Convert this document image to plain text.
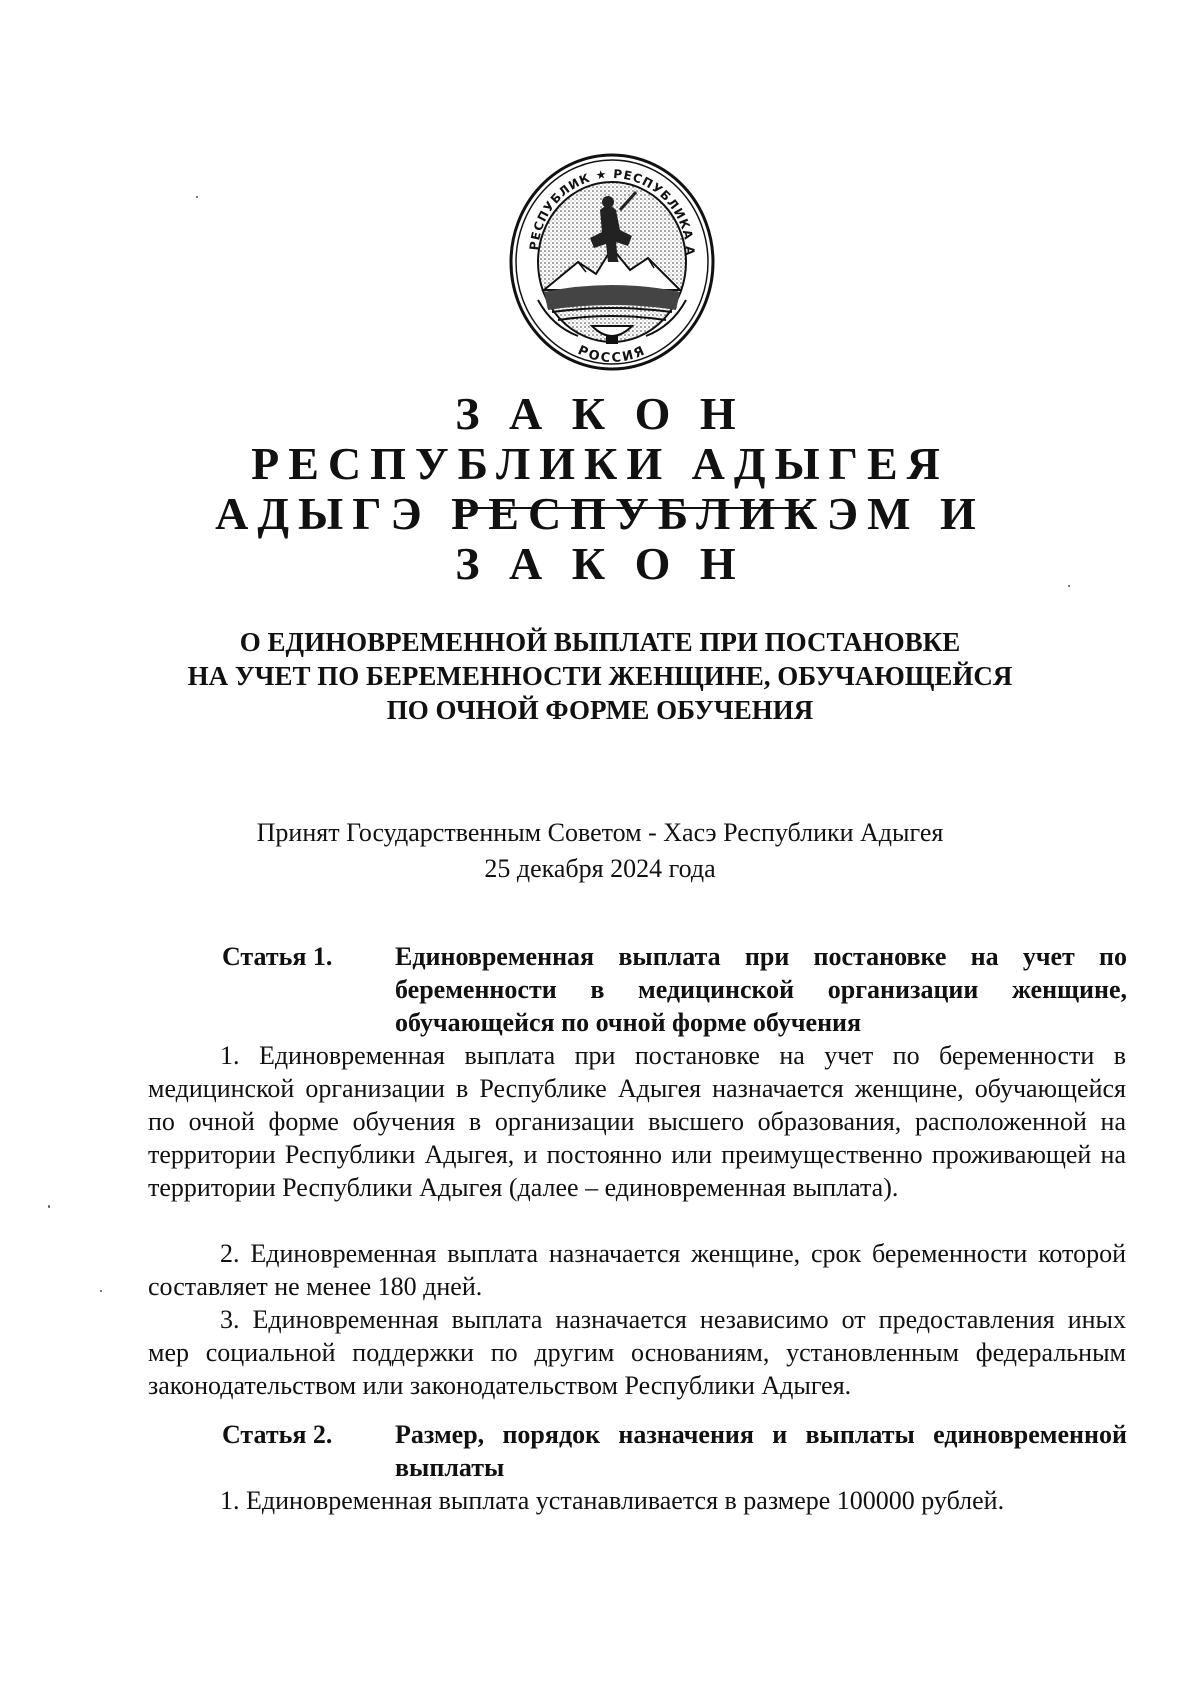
РЕСПУБЛИК ★ РЕСПУБЛИКА А
РОССИЯ
З А К О Н
РЕСПУБЛИКИ АДЫГЕЯ
АДЫГЭ РЕСПУБЛИКЭМ И
З А К О Н
О ЕДИНОВРЕМЕННОЙ ВЫПЛАТЕ ПРИ ПОСТАНОВКЕ
НА УЧЕТ ПО БЕРЕМЕННОСТИ ЖЕНЩИНЕ, ОБУЧАЮЩЕЙСЯ
ПО ОЧНОЙ ФОРМЕ ОБУЧЕНИЯ
Принят Государственным Советом - Хасэ Республики Адыгея
25 декабря 2024 года
Статья 1. Единовременная выплата при постановке на учет по беременности в медицинской организации женщине, обучающейся по очной форме обучения
1. Единовременная выплата при постановке на учет по беременности в медицинской организации в Республике Адыгея назначается женщине, обучающейся по очной форме обучения в организации высшего образования, расположенной на территории Республики Адыгея, и постоянно или преимущественно проживающей на территории Республики Адыгея (далее – единовременная выплата).
2. Единовременная выплата назначается женщине, срок беременности которой составляет не менее 180 дней.
3. Единовременная выплата назначается независимо от предоставления иных мер социальной поддержки по другим основаниям, установленным федеральным законодательством или законодательством Республики Адыгея.
Статья 2. Размер, порядок назначения и выплаты единовременной выплаты
1. Единовременная выплата устанавливается в размере 100000 рублей.
